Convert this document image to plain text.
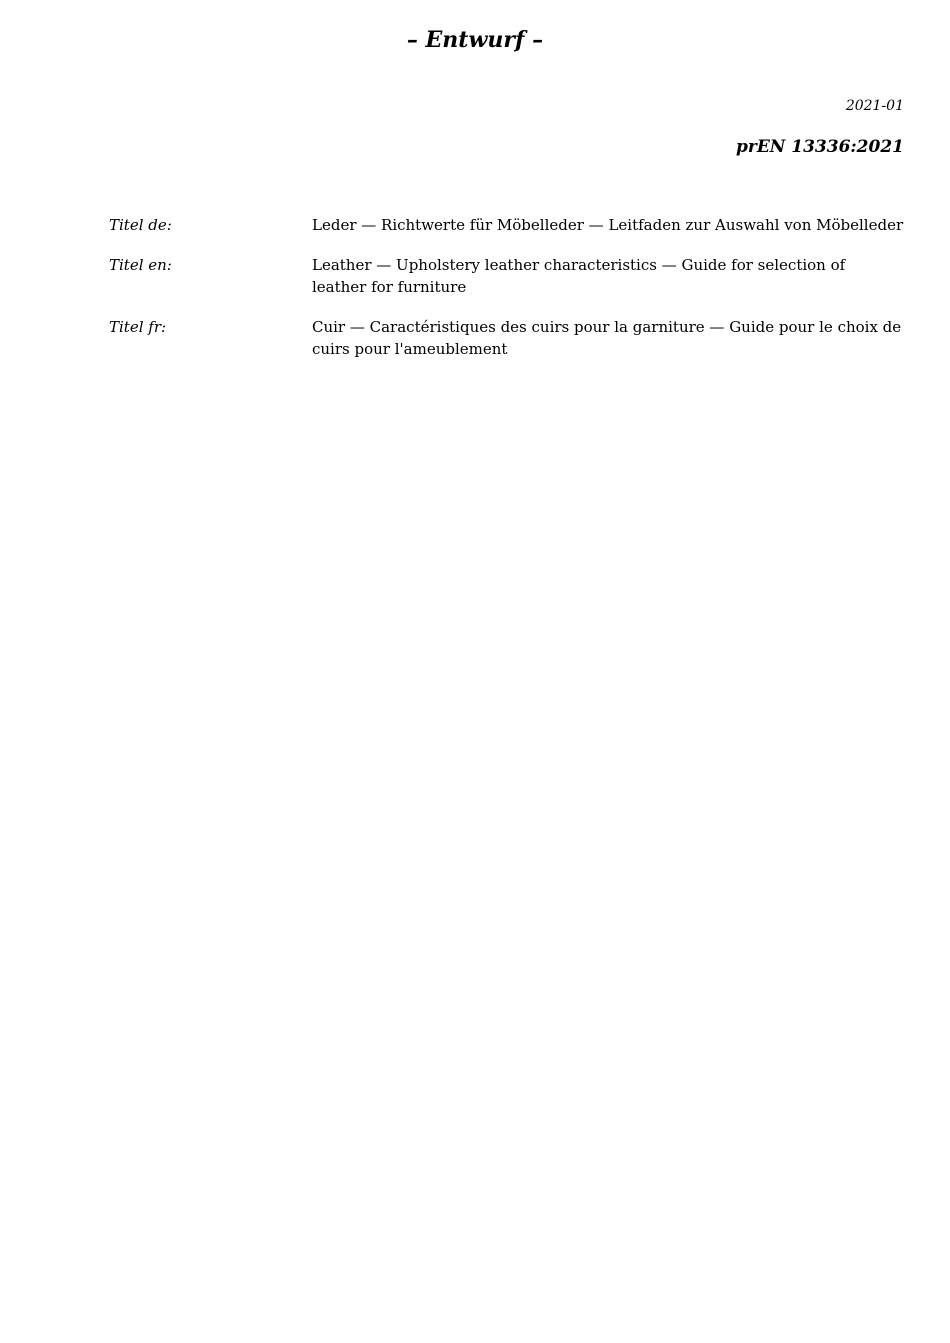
– Entwurf –
2021-01
prEN 13336:2021
Titel de:	Leder — Richtwerte für Möbelleder — Leitfaden zur Auswahl von Möbelleder
Titel en:	Leather — Upholstery leather characteristics — Guide for selection of leather for furniture
Titel fr:	Cuir — Caractéristiques des cuirs pour la garniture — Guide pour le choix de cuirs pour l'ameublement
